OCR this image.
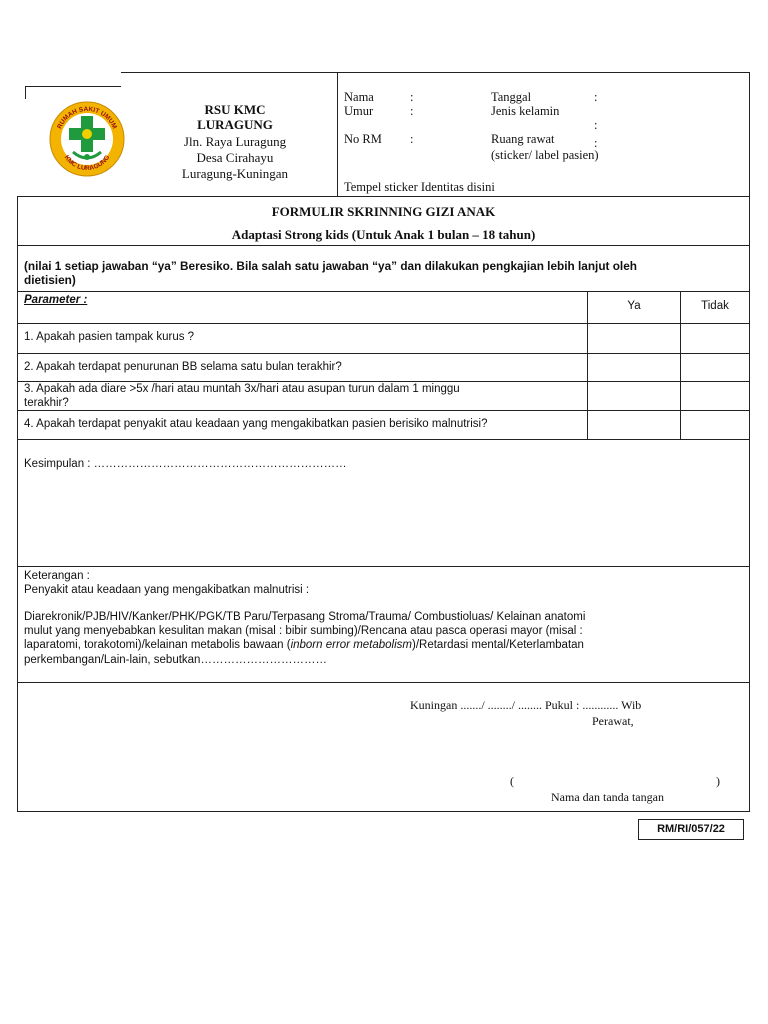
RUMAH SAKIT UMUM
KMC LURAGUNG
RSU KMC
LURAGUNG
Jln. Raya Luragung
Desa Cirahayu
Luragung-Kuningan
Nama	:
Umur	:
No RM :
Tanggal	:
Jenis kelamin
:
Ruang rawat	:
(sticker/ label pasien)
Tempel sticker Identitas disini
FORMULIR SKRINNING GIZI ANAK
Adaptasi Strong kids (Untuk Anak 1 bulan – 18 tahun)
(nilai 1 setiap jawaban “ya” Beresiko. Bila salah satu jawaban “ya” dan dilakukan pengkajian lebih lanjut oleh
dietisien)
Parameter :	Ya	Tidak
1. Apakah pasien tampak kurus ?
2. Apakah terdapat penurunan BB selama satu bulan terakhir?
3. Apakah ada diare >5x /hari atau muntah 3x/hari atau asupan turun dalam 1 minggu
terakhir?
4. Apakah terdapat penyakit atau keadaan yang mengakibatkan pasien berisiko malnutrisi?
Kesimpulan : …………………………………………………………
Keterangan :
Penyakit atau keadaan yang mengakibatkan malnutrisi :
Diarekronik/PJB/HIV/Kanker/PHK/PGK/TB Paru/Terpasang Stroma/Trauma/ Combustioluas/ Kelainan anatomi
mulut yang menyebabkan kesulitan makan (misal : bibir sumbing)/Rencana atau pasca operasi mayor (misal :
laparatomi, torakotomi)/kelainan metabolis bawaan (inborn error metabolism)/Retardasi mental/Keterlambatan
perkembangan/Lain-lain, sebutkan……………………………
Kuningan ......./ ......../ ........ Pukul : ............ Wib
Perawat,
(	)
Nama dan tanda tangan
RM/RI/057/22
